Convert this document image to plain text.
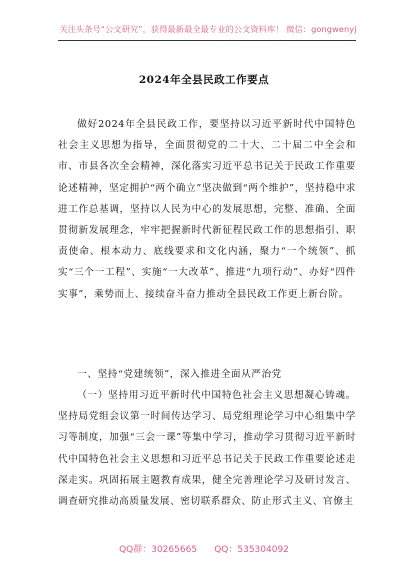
关注头条号“公文研究”，获得最新最全最专业的公文资料库！ 微信：gongwenyj
2024年全县民政工作要点

做好2024年全县民政工作，要坚持以习近平新时代中国特色社会主义思想为指导，全面贯彻党的二十大、二十届二中全会和市、市县各次全会精神，深化落实习近平总书记关于民政工作重要论述精神，坚定拥护“两个确立”坚决做到“两个维护”，坚持稳中求进工作总基调，坚持以人民为中心的发展思想，完整、准确、全面贯彻新发展理念，牢牢把握新时代新征程民政工作的思想指引、职责使命、根本动力、底线要求和文化内涵，聚力“一个统领”、抓实“三个一工程”、实施“一大改革”、推进“九项行动”、办好“四件实事”，乘势而上、接续奋斗奋力推动全县民政工作更上新台阶。

一、坚持“党建统领”，深入推进全面从严治党

（一）坚持用习近平新时代中国特色社会主义思想凝心铸魂。坚持局党组会议第一时间传达学习、局党组理论学习中心组集中学习等制度，加强“三会一课”等集中学习，推动学习贯彻习近平新时代中国特色社会主义思想和习近平总书记关于民政工作重要论述走深走实。巩固拓展主题教育成果，健全完善理论学习及研讨发言、调查研究推动高质量发展、密切联系群众、防止形式主义、官僚主

QQ群：30265665      QQ：535304092
